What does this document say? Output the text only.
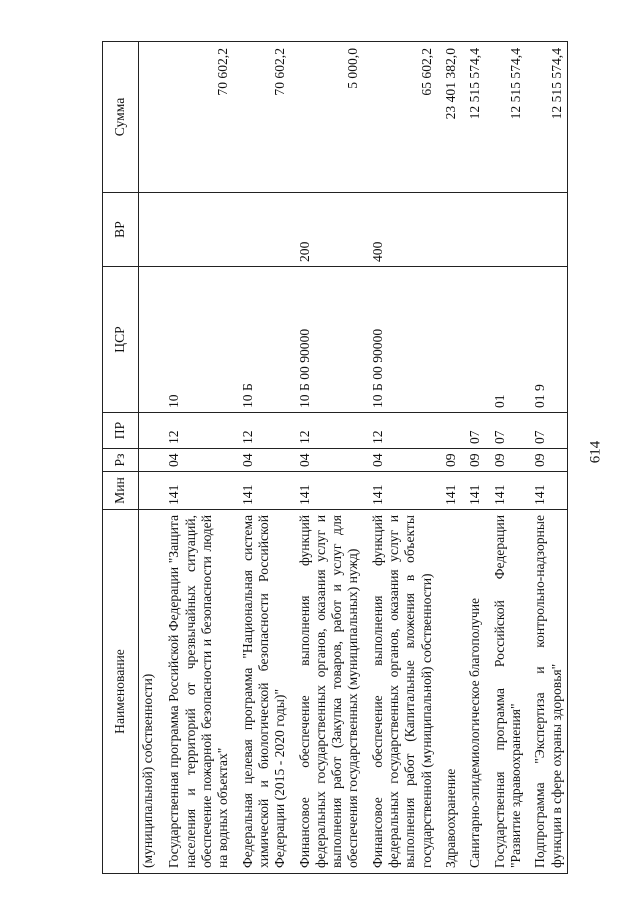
614
Наименование	Мин	Рз	ПР	ЦСР	ВР	Сумма
(муниципальной) собственности)						
Государственная программа Российской Федерации "Защита населения и территорий от чрезвычайных ситуаций, обеспечение пожарной безопасности и безопасности людей на водных объектах"	141	04	12	10		70 602,2
Федеральная целевая программа "Национальная система химической и биологической безопасности Российской Федерации (2015 - 2020 годы)"	141	04	12	10 Б		70 602,2
Финансовое обеспечение выполнения функций федеральных государственных органов, оказания услуг и выполнения работ (Закупка товаров, работ и услуг для обеспечения государственных (муниципальных) нужд)	141	04	12	10 Б 00 90000	200	5 000,0
Финансовое обеспечение выполнения функций федеральных государственных органов, оказания услуг и выполнения работ (Капитальные вложения в объекты государственной (муниципальной) собственности)	141	04	12	10 Б 00 90000	400	65 602,2
Здравоохранение	141	09				23 401 382,0
Санитарно-эпидемиологическое благополучие	141	09	07			12 515 574,4
Государственная программа Российской Федерации "Развитие здравоохранения"	141	09	07	01		12 515 574,4
Подпрограмма "Экспертиза и контрольно-надзорные функции в сфере охраны здоровья"	141	09	07	01 9		12 515 574,4
